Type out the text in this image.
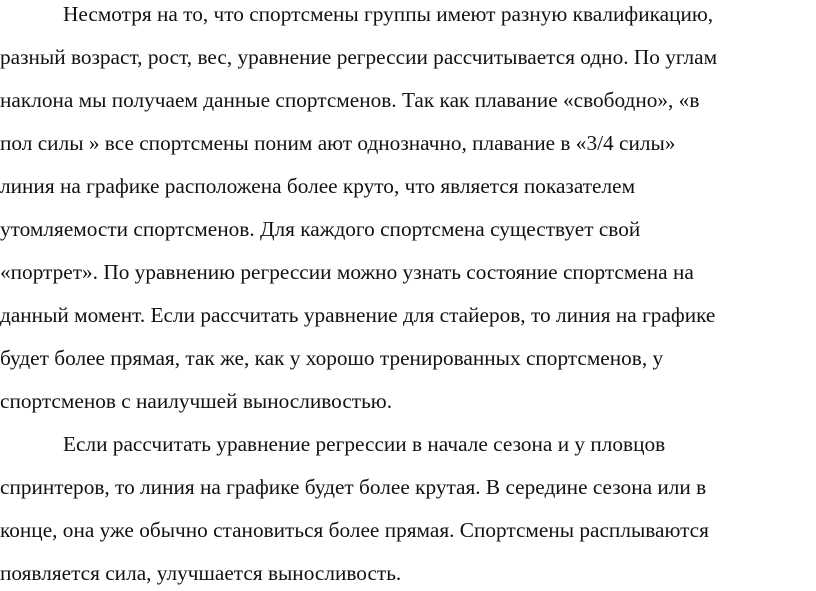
Несмотря на то, что спортсмены группы имеют разную квалификацию,
разный возраст, рост, вес, уравнение регрессии рассчитывается одно. По углам
наклона мы получаем данные спортсменов. Так как плавание «свободно», «в
пол силы » все спортсмены поним ают однозначно, плавание в «3/4 силы»
линия на графике расположена более круто, что является показателем
утомляемости спортсменов. Для каждого спортсмена существует свой
«портрет». По уравнению регрессии можно узнать состояние спортсмена на
данный момент. Если рассчитать уравнение для стайеров, то линия на графике
будет более прямая, так же, как у хорошо тренированных спортсменов, у
спортсменов с наилучшей выносливостью.
Если рассчитать уравнение регрессии в начале сезона и у пловцов
спринтеров, то линия на графике будет более крутая. В середине сезона или в
конце, она уже обычно становиться более прямая. Спортсмены расплываются
появляется сила, улучшается выносливость.
